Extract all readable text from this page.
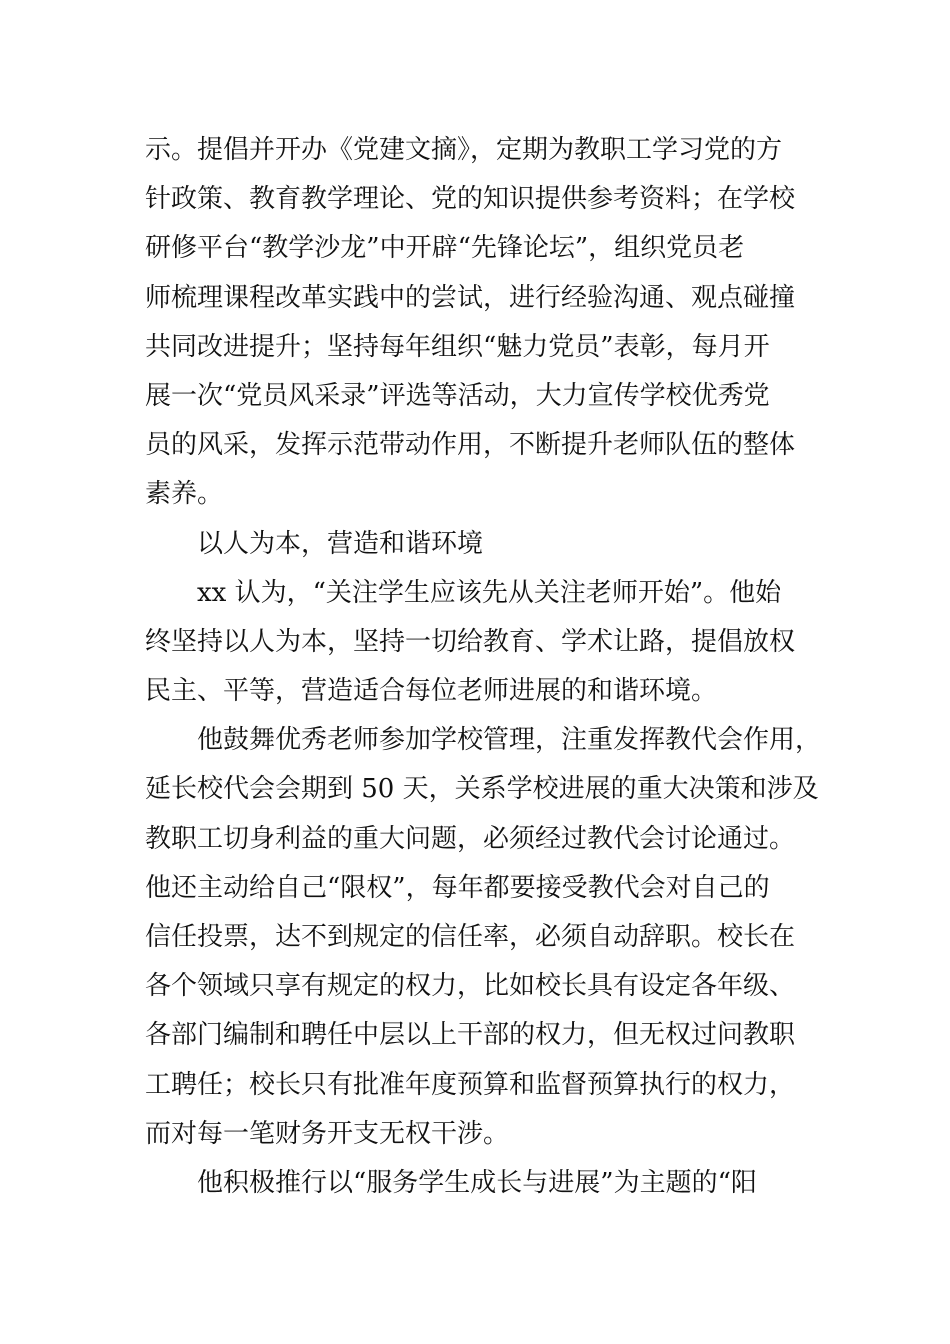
示。提倡并开办《党建文摘》，定期为教职工学习党的方
针政策、教育教学理论、党的知识提供参考资料；在学校
研修平台“教学沙龙”中开辟“先锋论坛”，组织党员老
师梳理课程改革实践中的尝试，进行经验沟通、观点碰撞
共同改进提升；坚持每年组织“魅力党员”表彰，每月开
展一次“党员风采录”评选等活动，大力宣传学校优秀党
员的风采，发挥示范带动作用，不断提升老师队伍的整体
素养。
以人为本，营造和谐环境
xx 认为，“关注学生应该先从关注老师开始”。他始
终坚持以人为本，坚持一切给教育、学术让路，提倡放权
民主、平等，营造适合每位老师进展的和谐环境。
他鼓舞优秀老师参加学校管理，注重发挥教代会作用，
延长校代会会期到 50 天，关系学校进展的重大决策和涉及
教职工切身利益的重大问题，必须经过教代会讨论通过。
他还主动给自己“限权”，每年都要接受教代会对自己的
信任投票，达不到规定的信任率，必须自动辞职。校长在
各个领域只享有规定的权力，比如校长具有设定各年级、
各部门编制和聘任中层以上干部的权力，但无权过问教职
工聘任；校长只有批准年度预算和监督预算执行的权力，
而对每一笔财务开支无权干涉。
他积极推行以“服务学生成长与进展”为主题的“阳
